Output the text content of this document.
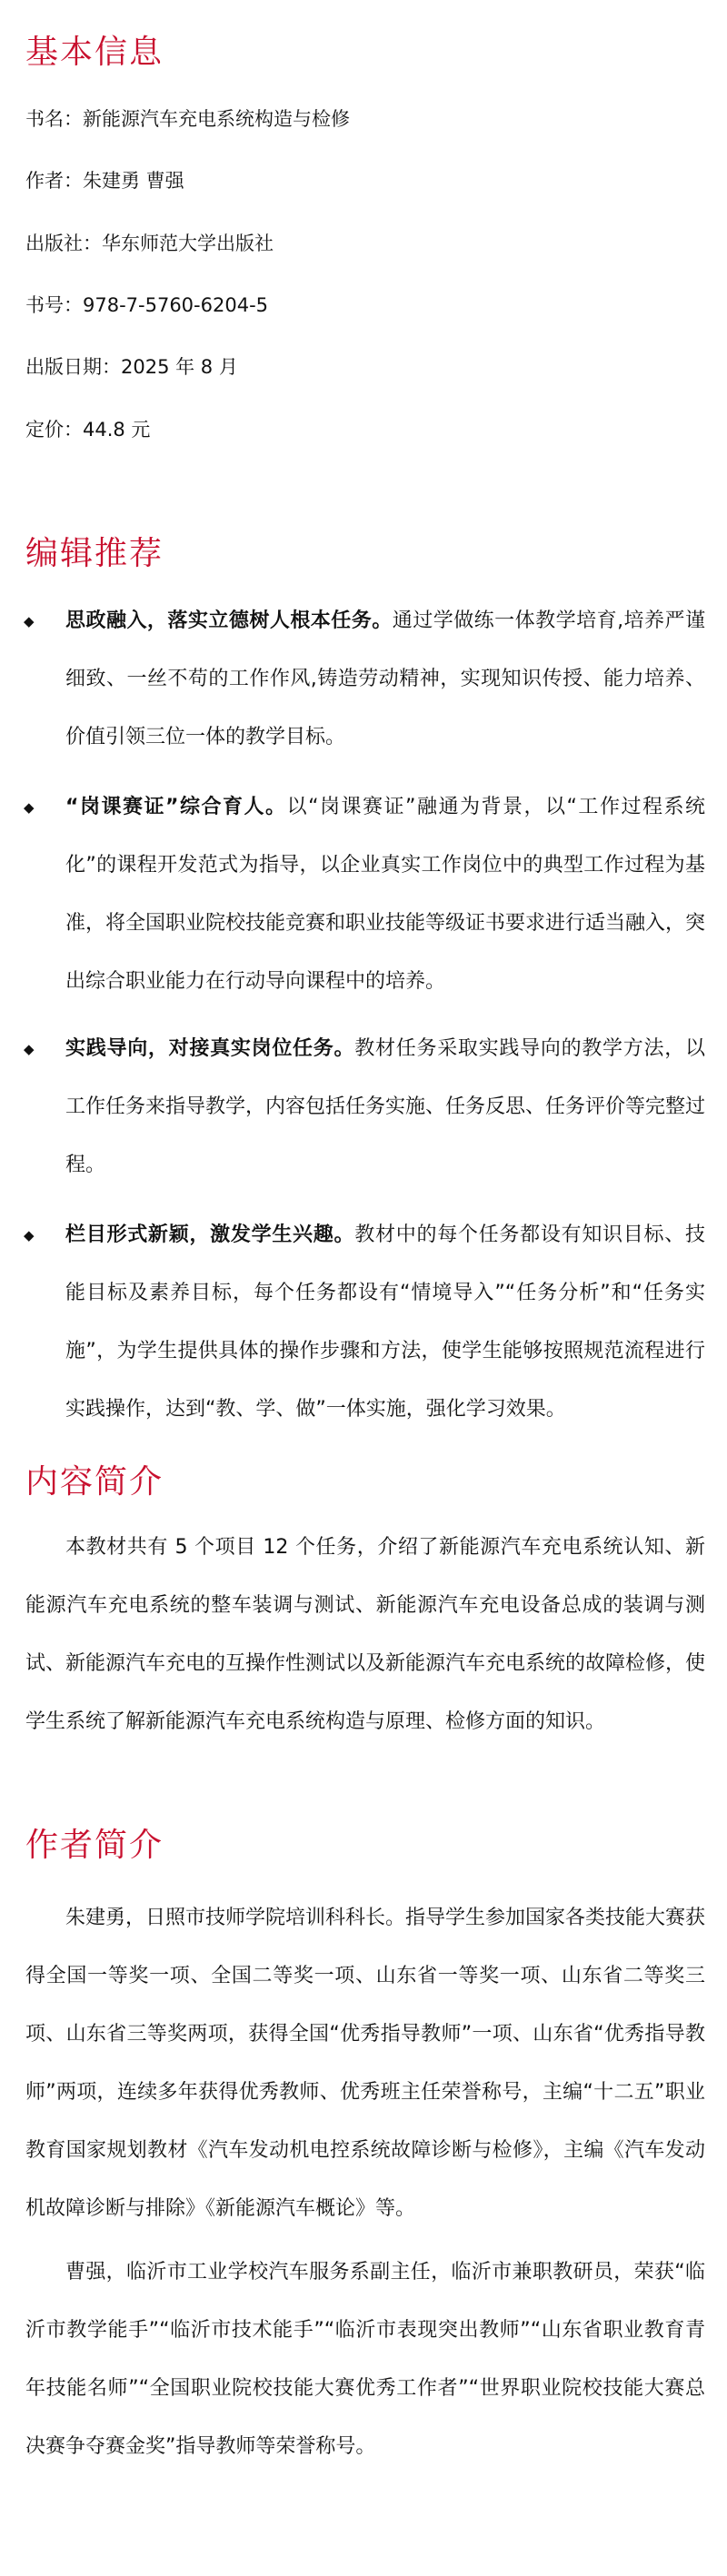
基本信息
书名：新能源汽车充电系统构造与检修
作者：朱建勇 曹强
出版社：华东师范大学出版社
书号：978-7-5760-6204-5
出版日期：2025 年 8 月
定价：44.8 元
编辑推荐
◆ 思政融入，落实立德树人根本任务。通过学做练一体教学培育,培养严谨细致、一丝不苟的工作作风,铸造劳动精神，实现知识传授、能力培养、价值引领三位一体的教学目标。
◆ “岗课赛证”综合育人。以“岗课赛证”融通为背景，以“工作过程系统化”的课程开发范式为指导，以企业真实工作岗位中的典型工作过程为基准，将全国职业院校技能竞赛和职业技能等级证书要求进行适当融入，突出综合职业能力在行动导向课程中的培养。
◆ 实践导向，对接真实岗位任务。教材任务采取实践导向的教学方法，以工作任务来指导教学，内容包括任务实施、任务反思、任务评价等完整过程。
◆ 栏目形式新颖，激发学生兴趣。教材中的每个任务都设有知识目标、技能目标及素养目标，每个任务都设有“情境导入”“任务分析”和“任务实施”，为学生提供具体的操作步骤和方法，使学生能够按照规范流程进行实践操作，达到“教、学、做”一体实施，强化学习效果。
内容简介
本教材共有 5 个项目 12 个任务，介绍了新能源汽车充电系统认知、新能源汽车充电系统的整车装调与测试、新能源汽车充电设备总成的装调与测试、新能源汽车充电的互操作性测试以及新能源汽车充电系统的故障检修，使学生系统了解新能源汽车充电系统构造与原理、检修方面的知识。
作者简介
朱建勇，日照市技师学院培训科科长。指导学生参加国家各类技能大赛获得全国一等奖一项、全国二等奖一项、山东省一等奖一项、山东省二等奖三项、山东省三等奖两项，获得全国“优秀指导教师”一项、山东省“优秀指导教师”两项，连续多年获得优秀教师、优秀班主任荣誉称号，主编“十二五”职业教育国家规划教材《汽车发动机电控系统故障诊断与检修》，主编《汽车发动机故障诊断与排除》《新能源汽车概论》等。
曹强，临沂市工业学校汽车服务系副主任，临沂市兼职教研员，荣获“临沂市教学能手”“临沂市技术能手”“临沂市表现突出教师”“山东省职业教育青年技能名师”“全国职业院校技能大赛优秀工作者”“世界职业院校技能大赛总决赛争夺赛金奖”指导教师等荣誉称号。
